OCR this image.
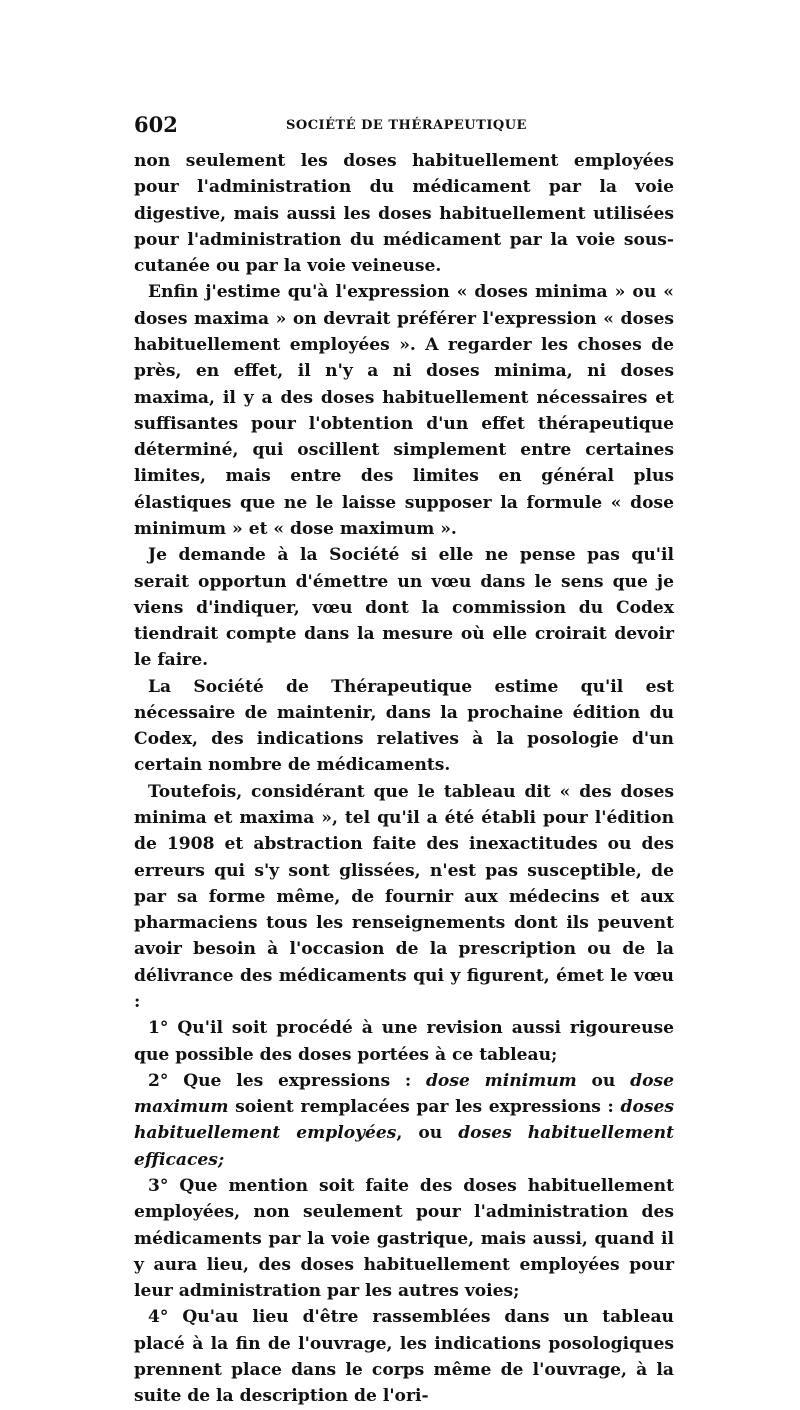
602	SOCIÉTÉ DE THÉRAPEUTIQUE

non seulement les doses habituellement employées pour l'administration du médicament par la voie digestive, mais aussi les doses habituellement utilisées pour l'administration du médicament par la voie sous-cutanée ou par la voie veineuse.

Enfin j'estime qu'à l'expression « doses minima » ou « doses maxima » on devrait préférer l'expression « doses habituellement employées ». A regarder les choses de près, en effet, il n'y a ni doses minima, ni doses maxima, il y a des doses habituellement nécessaires et suffisantes pour l'obtention d'un effet thérapeutique déterminé, qui oscillent simplement entre certaines limites, mais entre des limites en général plus élastiques que ne le laisse supposer la formule « dose minimum » et « dose maximum ».

Je demande à la Société si elle ne pense pas qu'il serait opportun d'émettre un vœu dans le sens que je viens d'indiquer, vœu dont la commission du Codex tiendrait compte dans la mesure où elle croirait devoir le faire.

La Société de Thérapeutique estime qu'il est nécessaire de maintenir, dans la prochaine édition du Codex, des indications relatives à la posologie d'un certain nombre de médicaments.

Toutefois, considérant que le tableau dit « des doses minima et maxima », tel qu'il a été établi pour l'édition de 1908 et abstraction faite des inexactitudes ou des erreurs qui s'y sont glissées, n'est pas susceptible, de par sa forme même, de fournir aux médecins et aux pharmaciens tous les renseignements dont ils peuvent avoir besoin à l'occasion de la prescription ou de la délivrance des médicaments qui y figurent, émet le vœu :

1° Qu'il soit procédé à une revision aussi rigoureuse que possible des doses portées à ce tableau;

2° Que les expressions : dose minimum ou dose maximum soient remplacées par les expressions : doses habituellement employées, ou doses habituellement efficaces;

3° Que mention soit faite des doses habituellement employées, non seulement pour l'administration des médicaments par la voie gastrique, mais aussi, quand il y aura lieu, des doses habituellement employées pour leur administration par les autres voies;

4° Qu'au lieu d'être rassemblées dans un tableau placé à la fin de l'ouvrage, les indications posologiques prennent place dans le corps même de l'ouvrage, à la suite de la description de l'ori-
